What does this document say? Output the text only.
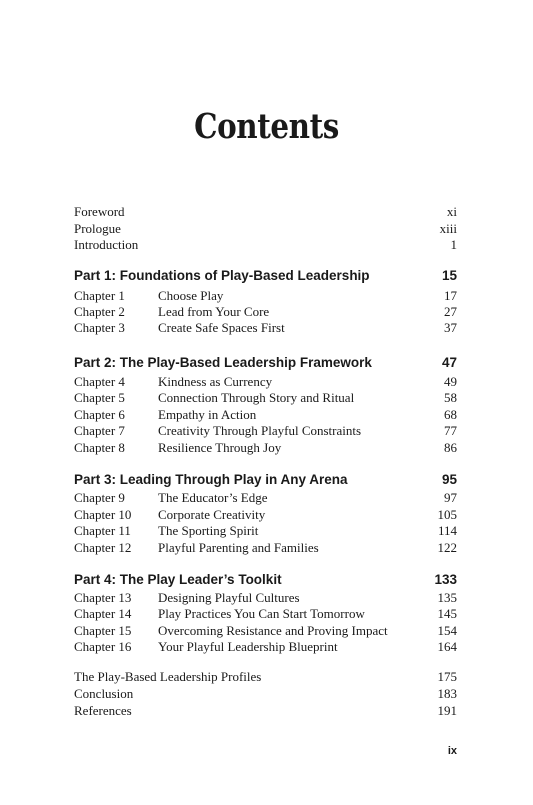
Contents
Foreword	xi
Prologue	xiii
Introduction	1
Part 1: Foundations of Play-Based Leadership	15
Chapter 1	Choose Play	17
Chapter 2	Lead from Your Core	27
Chapter 3	Create Safe Spaces First	37
Part 2: The Play-Based Leadership Framework	47
Chapter 4	Kindness as Currency	49
Chapter 5	Connection Through Story and Ritual	58
Chapter 6	Empathy in Action	68
Chapter 7	Creativity Through Playful Constraints	77
Chapter 8	Resilience Through Joy	86
Part 3: Leading Through Play in Any Arena	95
Chapter 9	The Educator’s Edge	97
Chapter 10 Corporate Creativity	105
Chapter 11 The Sporting Spirit	114
Chapter 12 Playful Parenting and Families	122
Part 4: The Play Leader’s Toolkit	133
Chapter 13 Designing Playful Cultures	135
Chapter 14 Play Practices You Can Start Tomorrow	145
Chapter 15 Overcoming Resistance and Proving Impact	154
Chapter 16 Your Playful Leadership Blueprint	164
The Play-Based Leadership Profiles	175
Conclusion	183
References	191
ix
